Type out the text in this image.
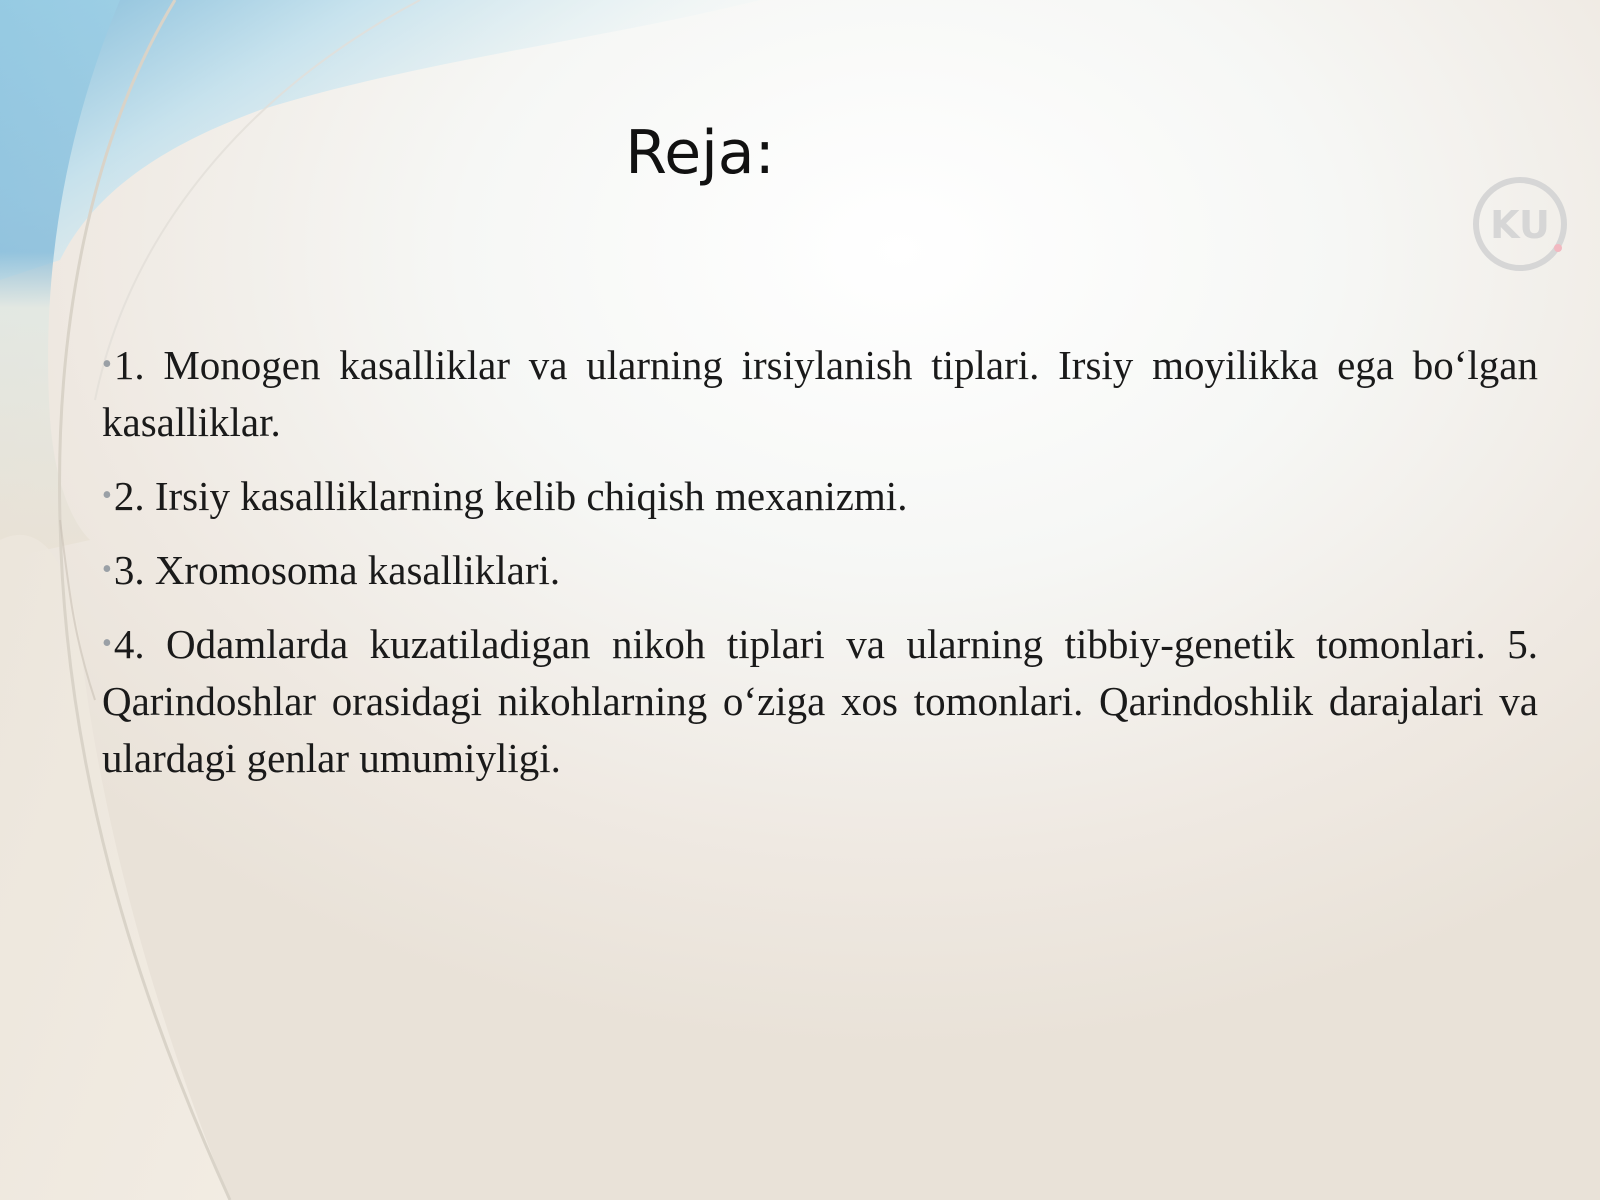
Reja:
KU

•1. Monogen kasalliklar va ularning irsiylanish tiplari. Irsiy moyilikka ega bo‘lgan kasalliklar.

•2. Irsiy kasalliklarning kelib chiqish mexanizmi.

•3. Xromosoma kasalliklari.

•4. Odamlarda kuzatiladigan nikoh tiplari va ularning tibbiy-genetik tomonlari. 5. Qarindoshlar orasidagi nikohlarning o‘ziga xos tomonlari. Qarindoshlik darajalari va ulardagi genlar umumiyligi.
